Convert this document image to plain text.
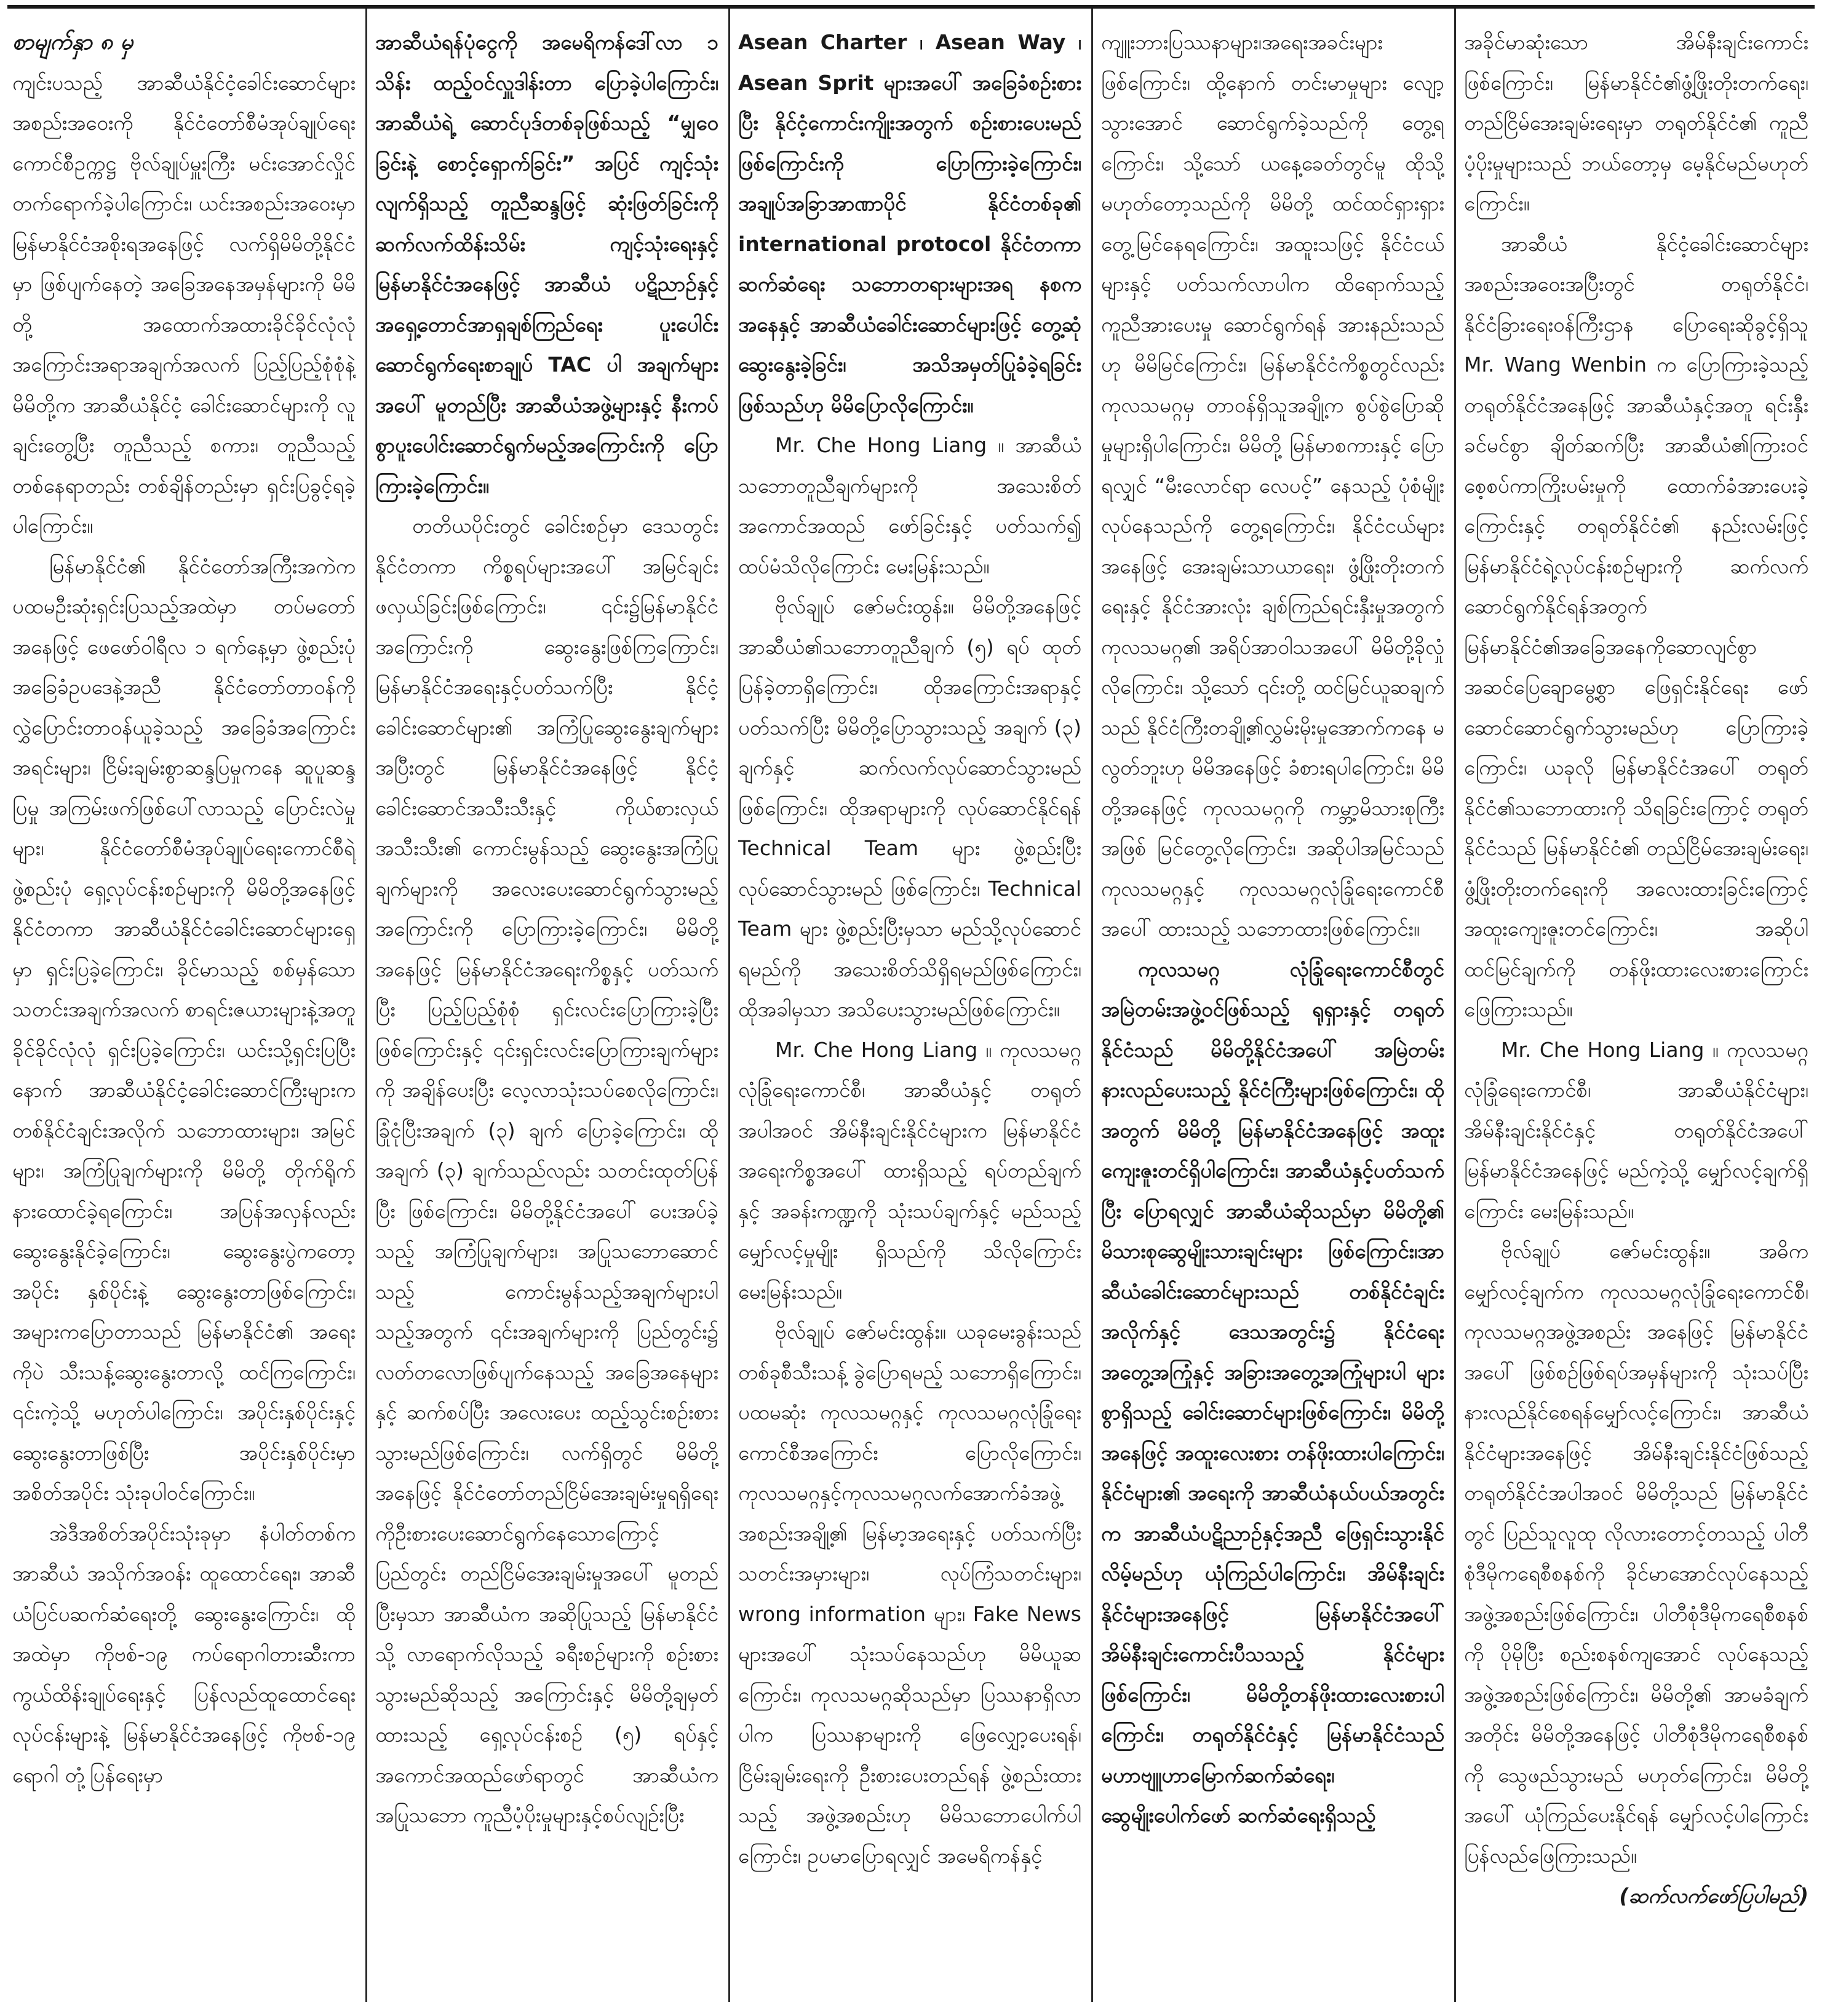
စာမျက်နှာ ၈ မှ

ကျင်းပသည့် အာဆီယံနိုင်ငံ့ခေါင်းဆောင်များ အစည်းအဝေးကို နိုင်ငံတော်စီမံအုပ်ချုပ်ရေးကောင်စီဥက္ကဋ္ဌ ဗိုလ်ချုပ်မှူးကြီး မင်းအောင်လှိုင် တက်ရောက်ခဲ့ပါကြောင်း၊ ယင်းအစည်းအဝေးမှာ မြန်မာနိုင်ငံအစိုးရအနေဖြင့် လက်ရှိမိမိတို့နိုင်ငံမှာ ဖြစ်ပျက်နေတဲ့ အခြေအနေအမှန်များကို မိမိတို့ အထောက်အထားခိုင်ခိုင်လုံလုံ အကြောင်းအရာအချက်အလက် ပြည့်ပြည့်စုံစုံနဲ့ မိမိတို့က အာဆီယံနိုင်ငံ့ ခေါင်းဆောင်များကို လူချင်းတွေ့ပြီး တူညီသည့် စကား၊ တူညီသည့် တစ်နေရာတည်း တစ်ချိန်တည်းမှာ ရှင်းပြခွင့်ရခဲ့ပါကြောင်း။

မြန်မာနိုင်ငံ၏ နိုင်ငံတော်အကြီးအကဲက ပထမဦးဆုံးရှင်းပြသည့်အထဲမှာ တပ်မတော်အနေဖြင့် ဖေဖော်ဝါရီလ ၁ ရက်နေ့မှာ ဖွဲ့စည်းပုံအခြေခံဥပဒေနဲ့အညီ နိုင်ငံတော်တာဝန်ကို လွှဲပြောင်းတာဝန်ယူခဲ့သည့် အခြေခံအကြောင်းအရင်းများ၊ ငြိမ်းချမ်းစွာဆန္ဒပြမှုကနေ ဆူပူဆန္ဒပြမှု အကြမ်းဖက်ဖြစ်ပေါ်လာသည့် ပြောင်းလဲမှုများ၊ နိုင်ငံတော်စီမံအုပ်ချုပ်ရေးကောင်စီရဲ့ ဖွဲ့စည်းပုံ ရှေ့လုပ်ငန်းစဉ်များကို မိမိတို့အနေဖြင့် နိုင်ငံတကာ အာဆီယံနိုင်ငံခေါင်းဆောင်များရှေ့မှာ ရှင်းပြခဲ့ကြောင်း၊ ခိုင်မာသည့် စစ်မှန်သော သတင်းအချက်အလက် စာရင်းဇယားများနဲ့အတူ ခိုင်ခိုင်လုံလုံ ရှင်းပြခဲ့ကြောင်း၊ ယင်းသို့ရှင်းပြပြီးနောက် အာဆီယံနိုင်ငံ့ခေါင်းဆောင်ကြီးများက တစ်နိုင်ငံချင်းအလိုက် သဘောထားများ၊ အမြင်များ၊ အကြံပြုချက်များကို မိမိတို့ တိုက်ရိုက်နားထောင်ခဲ့ရကြောင်း၊ အပြန်အလှန်လည်း ဆွေးနွေးနိုင်ခဲ့ကြောင်း၊ ဆွေးနွေးပွဲကတော့ အပိုင်း နှစ်ပိုင်းနဲ့ ဆွေးနွေးတာဖြစ်ကြောင်း၊ အများကပြောတာသည် မြန်မာနိုင်ငံ၏ အရေးကိုပဲ သီးသန့်ဆွေးနွေးတာလို့ ထင်ကြကြောင်း၊ ၎င်းကဲ့သို့ မဟုတ်ပါကြောင်း၊ အပိုင်းနှစ်ပိုင်းနှင့် ဆွေးနွေးတာဖြစ်ပြီး အပိုင်းနှစ်ပိုင်းမှာ အစိတ်အပိုင်း သုံးခုပါဝင်ကြောင်း။

အဲဒီအစိတ်အပိုင်းသုံးခုမှာ နံပါတ်တစ်က အာဆီယံ အသိုက်အဝန်း ထူထောင်ရေး၊ အာဆီယံပြင်ပဆက်ဆံရေးတို့ ဆွေးနွေးကြောင်း၊ ထိုအထဲမှာ ကိုဗစ်-၁၉ ကပ်ရောဂါတားဆီးကာကွယ်ထိန်းချုပ်ရေးနှင့် ပြန်လည်ထူထောင်ရေးလုပ်ငန်းများနဲ့ မြန်မာနိုင်ငံအနေဖြင့် ကိုဗစ်-၁၉ ရောဂါ တုံ့ပြန်ရေးမှာ

အာဆီယံရန်ပုံငွေကို အမေရိကန်ဒေါ်လာ ၁ သိန်း ထည့်ဝင်လှူဒါန်းတာ ပြောခဲ့ပါကြောင်း၊ အာဆီယံရဲ့ ဆောင်ပုဒ်တစ်ခုဖြစ်သည့် “မျှဝေခြင်းနဲ့ စောင့်ရှောက်ခြင်း” အပြင် ကျင့်သုံးလျက်ရှိသည့် တူညီဆန္ဒဖြင့် ဆုံးဖြတ်ခြင်းကို ဆက်လက်ထိန်းသိမ်း ကျင့်သုံးရေးနှင့် မြန်မာနိုင်ငံအနေဖြင့် အာဆီယံ ပဋိညာဉ်နှင့် အရှေ့တောင်အာရှချစ်ကြည်ရေး ပူးပေါင်းဆောင်ရွက်ရေးစာချုပ် TAC ပါ အချက်များအပေါ် မူတည်ပြီး အာဆီယံအဖွဲ့များနှင့် နီးကပ်စွာပူးပေါင်းဆောင်ရွက်မည့်အကြောင်းကို ပြောကြားခဲ့ကြောင်း။

တတိယပိုင်းတွင် ခေါင်းစဉ်မှာ ဒေသတွင်း နိုင်ငံတကာ ကိစ္စရပ်များအပေါ် အမြင်ချင်း ဖလှယ်ခြင်းဖြစ်ကြောင်း၊ ၎င်း၌မြန်မာနိုင်ငံအကြောင်းကို ဆွေးနွေးဖြစ်ကြကြောင်း၊ မြန်မာနိုင်ငံအရေးနှင့်ပတ်သက်ပြီး နိုင်ငံ့ခေါင်းဆောင်များ၏ အကြံပြုဆွေးနွေးချက်များအပြီးတွင် မြန်မာနိုင်ငံအနေဖြင့် နိုင်ငံ့ခေါင်းဆောင်အသီးသီးနှင့် ကိုယ်စားလှယ်အသီးသီး၏ ကောင်းမွန်သည့် ဆွေးနွေးအကြံပြုချက်များကို အလေးပေးဆောင်ရွက်သွားမည့်အကြောင်းကို ပြောကြားခဲ့ကြောင်း၊ မိမိတို့အနေဖြင့် မြန်မာနိုင်ငံအရေးကိစ္စနှင့် ပတ်သက်ပြီး ပြည့်ပြည့်စုံစုံ ရှင်းလင်းပြောကြားခဲ့ပြီးဖြစ်ကြောင်းနှင့် ၎င်းရှင်းလင်းပြောကြားချက်များကို အချိန်ပေးပြီး လေ့လာသုံးသပ်စေလိုကြောင်း၊ ခြုံငုံပြီးအချက် (၃) ချက် ပြောခဲ့ကြောင်း၊ ထိုအချက် (၃) ချက်သည်လည်း သတင်းထုတ်ပြန်ပြီး ဖြစ်ကြောင်း၊ မိမိတို့နိုင်ငံအပေါ် ပေးအပ်ခဲ့သည့် အကြံပြုချက်များ၊ အပြုသဘောဆောင်သည့် ကောင်းမွန်သည့်အချက်များပါသည့်အတွက် ၎င်းအချက်များကို ပြည်တွင်း၌ လတ်တလောဖြစ်ပျက်နေသည့် အခြေအနေများနှင့် ဆက်စပ်ပြီး အလေးပေး ထည့်သွင်းစဉ်းစားသွားမည်ဖြစ်ကြောင်း၊ လက်ရှိတွင် မိမိတို့အနေဖြင့် နိုင်ငံတော်တည်ငြိမ်အေးချမ်းမှုရရှိရေးကိုဦးစားပေးဆောင်ရွက်နေသောကြောင့် ပြည်တွင်း တည်ငြိမ်အေးချမ်းမှုအပေါ် မူတည်ပြီးမှသာ အာဆီယံက အဆိုပြုသည့် မြန်မာနိုင်ငံသို့ လာရောက်လိုသည့် ခရီးစဉ်များကို စဉ်းစားသွားမည်ဆိုသည့် အကြောင်းနှင့် မိမိတို့ချမှတ်ထားသည့် ရှေ့လုပ်ငန်းစဉ် (၅) ရပ်နှင့် အကောင်အထည်ဖော်ရာတွင် အာဆီယံက အပြုသဘော ကူညီပံ့ပိုးမှုများနှင့်စပ်လျဉ်းပြီး

Asean Charter ၊ Asean Way ၊ Asean Sprit များအပေါ် အခြေခံစဉ်းစားပြီး နိုင်ငံ့ကောင်းကျိုးအတွက် စဉ်းစားပေးမည်ဖြစ်ကြောင်းကို ပြောကြားခဲ့ကြောင်း၊ အချုပ်အခြာအာဏာပိုင် နိုင်ငံတစ်ခု၏ international protocol နိုင်ငံတကာ ဆက်ဆံရေး သဘောတရားများအရ နစကအနေနှင့် အာဆီယံခေါင်းဆောင်များဖြင့် တွေ့ဆုံဆွေးနွေးခဲ့ခြင်း၊ အသိအမှတ်ပြုခံခဲ့ရခြင်းဖြစ်သည်ဟု မိမိပြောလိုကြောင်း။

Mr. Che Hong Liang ။ အာဆီယံ သဘောတူညီချက်များကို အသေးစိတ် အကောင်အထည် ဖော်ခြင်းနှင့် ပတ်သက်၍ ထပ်မံသိလိုကြောင်း မေးမြန်းသည်။

ဗိုလ်ချုပ် ဇော်မင်းထွန်း။ မိမိတို့အနေဖြင့်အာဆီယံ၏သဘောတူညီချက် (၅) ရပ် ထုတ်ပြန်ခဲ့တာရှိကြောင်း၊ ထိုအကြောင်းအရာနှင့် ပတ်သက်ပြီး မိမိတို့ပြောသွားသည့် အချက် (၃) ချက်နှင့် ဆက်လက်လုပ်ဆောင်သွားမည် ဖြစ်ကြောင်း၊ ထိုအရာများကို လုပ်ဆောင်နိုင်ရန် Technical Team များ ဖွဲ့စည်းပြီး လုပ်ဆောင်သွားမည် ဖြစ်ကြောင်း၊ Technical Team များ ဖွဲ့စည်းပြီးမှသာ မည်သို့လုပ်ဆောင်ရမည်ကို အသေးစိတ်သိရှိရမည်ဖြစ်ကြောင်း၊ ထိုအခါမှသာ အသိပေးသွားမည်ဖြစ်ကြောင်း။

Mr. Che Hong Liang ။ ကုလသမဂ္ဂလုံခြုံရေးကောင်စီ၊ အာဆီယံနှင့် တရုတ်အပါအဝင် အိမ်နီးချင်းနိုင်ငံများက မြန်မာနိုင်ငံအရေးကိစ္စအပေါ် ထားရှိသည့် ရပ်တည်ချက်နှင့် အခန်းကဏ္ဍကို သုံးသပ်ချက်နှင့် မည်သည့်မျှော်လင့်မှုမျိုး ရှိသည်ကို သိလိုကြောင်း မေးမြန်းသည်။

ဗိုလ်ချုပ် ဇော်မင်းထွန်း။ ယခုမေးခွန်းသည် တစ်ခုစီသီးသန့် ခွဲပြောရမည့် သဘောရှိကြောင်း၊ ပထမဆုံး ကုလသမဂ္ဂနှင့် ကုလသမဂ္ဂလုံခြုံရေးကောင်စီအကြောင်း ပြောလိုကြောင်း၊ ကုလသမဂ္ဂနှင့်ကုလသမဂ္ဂလက်အောက်ခံအဖွဲ့အစည်းအချို့၏ မြန်မာ့အရေးနှင့် ပတ်သက်ပြီး သတင်းအမှားများ၊ လုပ်ကြံသတင်းများ၊ wrong information များ၊ Fake News များအပေါ် သုံးသပ်နေသည်ဟု မိမိယူဆကြောင်း၊ ကုလသမဂ္ဂဆိုသည်မှာ ပြဿနာရှိလာပါက ပြဿနာများကို ဖြေလျှော့ပေးရန်၊ ငြိမ်းချမ်းရေးကို ဦးစားပေးတည်ရန် ဖွဲ့စည်းထားသည့် အဖွဲ့အစည်းဟု မိမိသဘောပေါက်ပါကြောင်း၊ ဥပမာပြောရလျှင် အမေရိကန်နှင့်

ကျူးဘားပြဿနာများ၊အရေးအခင်းများ ဖြစ်ကြောင်း၊ ထို့နောက် တင်းမာမှုများ လျော့သွားအောင် ဆောင်ရွက်ခဲ့သည်ကို တွေ့ရကြောင်း၊ သို့သော် ယနေ့ခေတ်တွင်မူ ထိုသို့မဟုတ်တော့သည်ကို မိမိတို့ ထင်ထင်ရှားရှား တွေ့မြင်နေရကြောင်း၊ အထူးသဖြင့် နိုင်ငံငယ်များနှင့် ပတ်သက်လာပါက ထိရောက်သည့် ကူညီအားပေးမှု ဆောင်ရွက်ရန် အားနည်းသည်ဟု မိမိမြင်ကြောင်း၊ မြန်မာနိုင်ငံကိစ္စတွင်လည်း ကုလသမဂ္ဂမှ တာဝန်ရှိသူအချို့က စွပ်စွဲပြောဆိုမှုများရှိပါကြောင်း၊ မိမိတို့ မြန်မာစကားနှင့် ပြောရလျှင် “မီးလောင်ရာ လေပင့်” နေသည့် ပုံစံမျိုးလုပ်နေသည်ကို တွေ့ရကြောင်း၊ နိုင်ငံငယ်များအနေဖြင့် အေးချမ်းသာယာရေး၊ ဖွံ့ဖြိုးတိုးတက်ရေးနှင့် နိုင်ငံအားလုံး ချစ်ကြည်ရင်းနှီးမှုအတွက် ကုလသမဂ္ဂ၏ အရိပ်အာဝါသအပေါ် မိမိတို့ခိုလှုံလိုကြောင်း၊ သို့သော် ၎င်းတို့ ထင်မြင်ယူဆချက်သည် နိုင်ငံကြီးတချို့၏လွှမ်းမိုးမှုအောက်ကနေ မလွတ်ဘူးဟု မိမိအနေဖြင့် ခံစားရပါကြောင်း၊ မိမိတို့အနေဖြင့် ကုလသမဂ္ဂကို ကမ္ဘာ့မိသားစုကြီးအဖြစ် မြင်တွေ့လိုကြောင်း၊ အဆိုပါအမြင်သည်ကုလသမဂ္ဂနှင့် ကုလသမဂ္ဂလုံခြုံရေးကောင်စီအပေါ် ထားသည့် သဘောထားဖြစ်ကြောင်း။

ကုလသမဂ္ဂ လုံခြုံရေးကောင်စီတွင် အမြဲတမ်းအဖွဲ့ဝင်ဖြစ်သည့် ရုရှားနှင့် တရုတ်နိုင်ငံသည် မိမိတို့နိုင်ငံအပေါ် အမြဲတမ်းနားလည်ပေးသည့် နိုင်ငံကြီးများဖြစ်ကြောင်း၊ ထိုအတွက် မိမိတို့ မြန်မာနိုင်ငံအနေဖြင့် အထူးကျေးဇူးတင်ရှိပါကြောင်း၊ အာဆီယံနှင့်ပတ်သက်ပြီး ပြောရလျှင် အာဆီယံဆိုသည်မှာ မိမိတို့၏ မိသားစုဆွေမျိုးသားချင်းများ ဖြစ်ကြောင်း၊အာဆီယံခေါင်းဆောင်များသည် တစ်နိုင်ငံချင်းအလိုက်နှင့် ဒေသအတွင်း၌ နိုင်ငံရေးအတွေ့အကြုံနှင့် အခြားအတွေ့အကြုံများပါ များစွာရှိသည့် ခေါင်းဆောင်များဖြစ်ကြောင်း၊ မိမိတို့အနေဖြင့် အထူးလေးစား တန်ဖိုးထားပါကြောင်း၊ နိုင်ငံများ၏ အရေးကို အာဆီယံနယ်ပယ်အတွင်းက အာဆီယံပဋိညာဉ်နှင့်အညီ ဖြေရှင်းသွားနိုင်လိမ့်မည်ဟု ယုံကြည်ပါကြောင်း၊ အိမ်နီးချင်းနိုင်ငံများအနေဖြင့် မြန်မာနိုင်ငံအပေါ် အိမ်နီးချင်းကောင်းပီသသည့် နိုင်ငံများ ဖြစ်ကြောင်း၊ မိမိတို့တန်ဖိုးထားလေးစားပါကြောင်း၊ တရုတ်နိုင်ငံနှင့် မြန်မာနိုင်ငံသည် မဟာဗျူဟာမြောက်ဆက်ဆံရေး၊ ဆွေမျိုးပေါက်ဖော် ဆက်ဆံရေးရှိသည့်

အခိုင်မာဆုံးသော အိမ်နီးချင်းကောင်းဖြစ်ကြောင်း၊ မြန်မာနိုင်ငံ၏ဖွံ့ဖြိုးတိုးတက်ရေး၊ တည်ငြိမ်အေးချမ်းရေးမှာ တရုတ်နိုင်ငံ၏ ကူညီပံ့ပိုးမှုများသည် ဘယ်တော့မှ မေ့နိုင်မည်မဟုတ်ကြောင်း။

အာဆီယံ နိုင်ငံ့ခေါင်းဆောင်များ အစည်းအဝေးအပြီးတွင် တရုတ်နိုင်ငံ၊ နိုင်ငံခြားရေးဝန်ကြီးဌာန ပြောရေးဆိုခွင့်ရှိသူ Mr. Wang Wenbin က ပြောကြားခဲ့သည့် တရုတ်နိုင်ငံအနေဖြင့် အာဆီယံနှင့်အတူ ရင်းနှီးခင်မင်စွာ ချိတ်ဆက်ပြီး အာဆီယံ၏ကြားဝင်စေ့စပ်ကာကြိုးပမ်းမှုကို ထောက်ခံအားပေးခဲ့ကြောင်းနှင့် တရုတ်နိုင်ငံ၏ နည်းလမ်းဖြင့် မြန်မာနိုင်ငံရဲ့လုပ်ငန်းစဉ်များကို ဆက်လက်ဆောင်ရွက်နိုင်ရန်အတွက် မြန်မာနိုင်ငံ၏အခြေအနေကိုဆောလျင်စွာအဆင်ပြေချောမွေ့စွာ ဖြေရှင်းနိုင်ရေး ဖော်ဆောင်ဆောင်ရွက်သွားမည်ဟု ပြောကြားခဲ့ကြောင်း၊ ယခုလို မြန်မာနိုင်ငံအပေါ် တရုတ်နိုင်ငံ၏သဘောထားကို သိရခြင်းကြောင့် တရုတ်နိုင်ငံသည် မြန်မာနိုင်ငံ၏ တည်ငြိမ်အေးချမ်းရေး၊ ဖွံ့ဖြိုးတိုးတက်ရေးကို အလေးထားခြင်းကြောင့် အထူးကျေးဇူးတင်ကြောင်း၊ အဆိုပါထင်မြင်ချက်ကို တန်ဖိုးထားလေးစားကြောင်း ဖြေကြားသည်။

Mr. Che Hong Liang ။ ကုလသမဂ္ဂလုံခြုံရေးကောင်စီ၊ အာဆီယံနိုင်ငံများ၊ အိမ်နီးချင်းနိုင်ငံနှင့် တရုတ်နိုင်ငံအပေါ် မြန်မာနိုင်ငံအနေဖြင့် မည်ကဲ့သို့ မျှော်လင့်ချက်ရှိကြောင်း မေးမြန်းသည်။

ဗိုလ်ချုပ် ဇော်မင်းထွန်း။ အဓိကမျှော်လင့်ချက်က ကုလသမဂ္ဂလုံခြုံရေးကောင်စီ၊ ကုလသမဂ္ဂအဖွဲ့အစည်း အနေဖြင့် မြန်မာနိုင်ငံအပေါ် ဖြစ်စဉ်ဖြစ်ရပ်အမှန်များကို သုံးသပ်ပြီး နားလည်နိုင်စေရန်မျှော်လင့်ကြောင်း၊ အာဆီယံနိုင်ငံများအနေဖြင့် အိမ်နီးချင်းနိုင်ငံဖြစ်သည့် တရုတ်နိုင်ငံအပါအဝင် မိမိတို့သည် မြန်မာနိုင်ငံတွင် ပြည်သူလူထု လိုလားတောင့်တသည့် ပါတီစုံဒီမိုကရေစီစနစ်ကို ခိုင်မာအောင်လုပ်နေသည့် အဖွဲ့အစည်းဖြစ်ကြောင်း၊ ပါတီစုံဒီမိုကရေစီစနစ်ကို ပိုမိုပြီး စည်းစနစ်ကျအောင် လုပ်နေသည့် အဖွဲ့အစည်းဖြစ်ကြောင်း၊ မိမိတို့၏ အာမခံချက်အတိုင်း မိမိတို့အနေဖြင့် ပါတီစုံဒီမိုကရေစီစနစ်ကို သွေဖည်သွားမည် မဟုတ်ကြောင်း၊ မိမိတို့အပေါ် ယုံကြည်ပေးနိုင်ရန် မျှော်လင့်ပါကြောင်း ပြန်လည်ဖြေကြားသည်။

(ဆက်လက်ဖော်ပြပါမည်)
